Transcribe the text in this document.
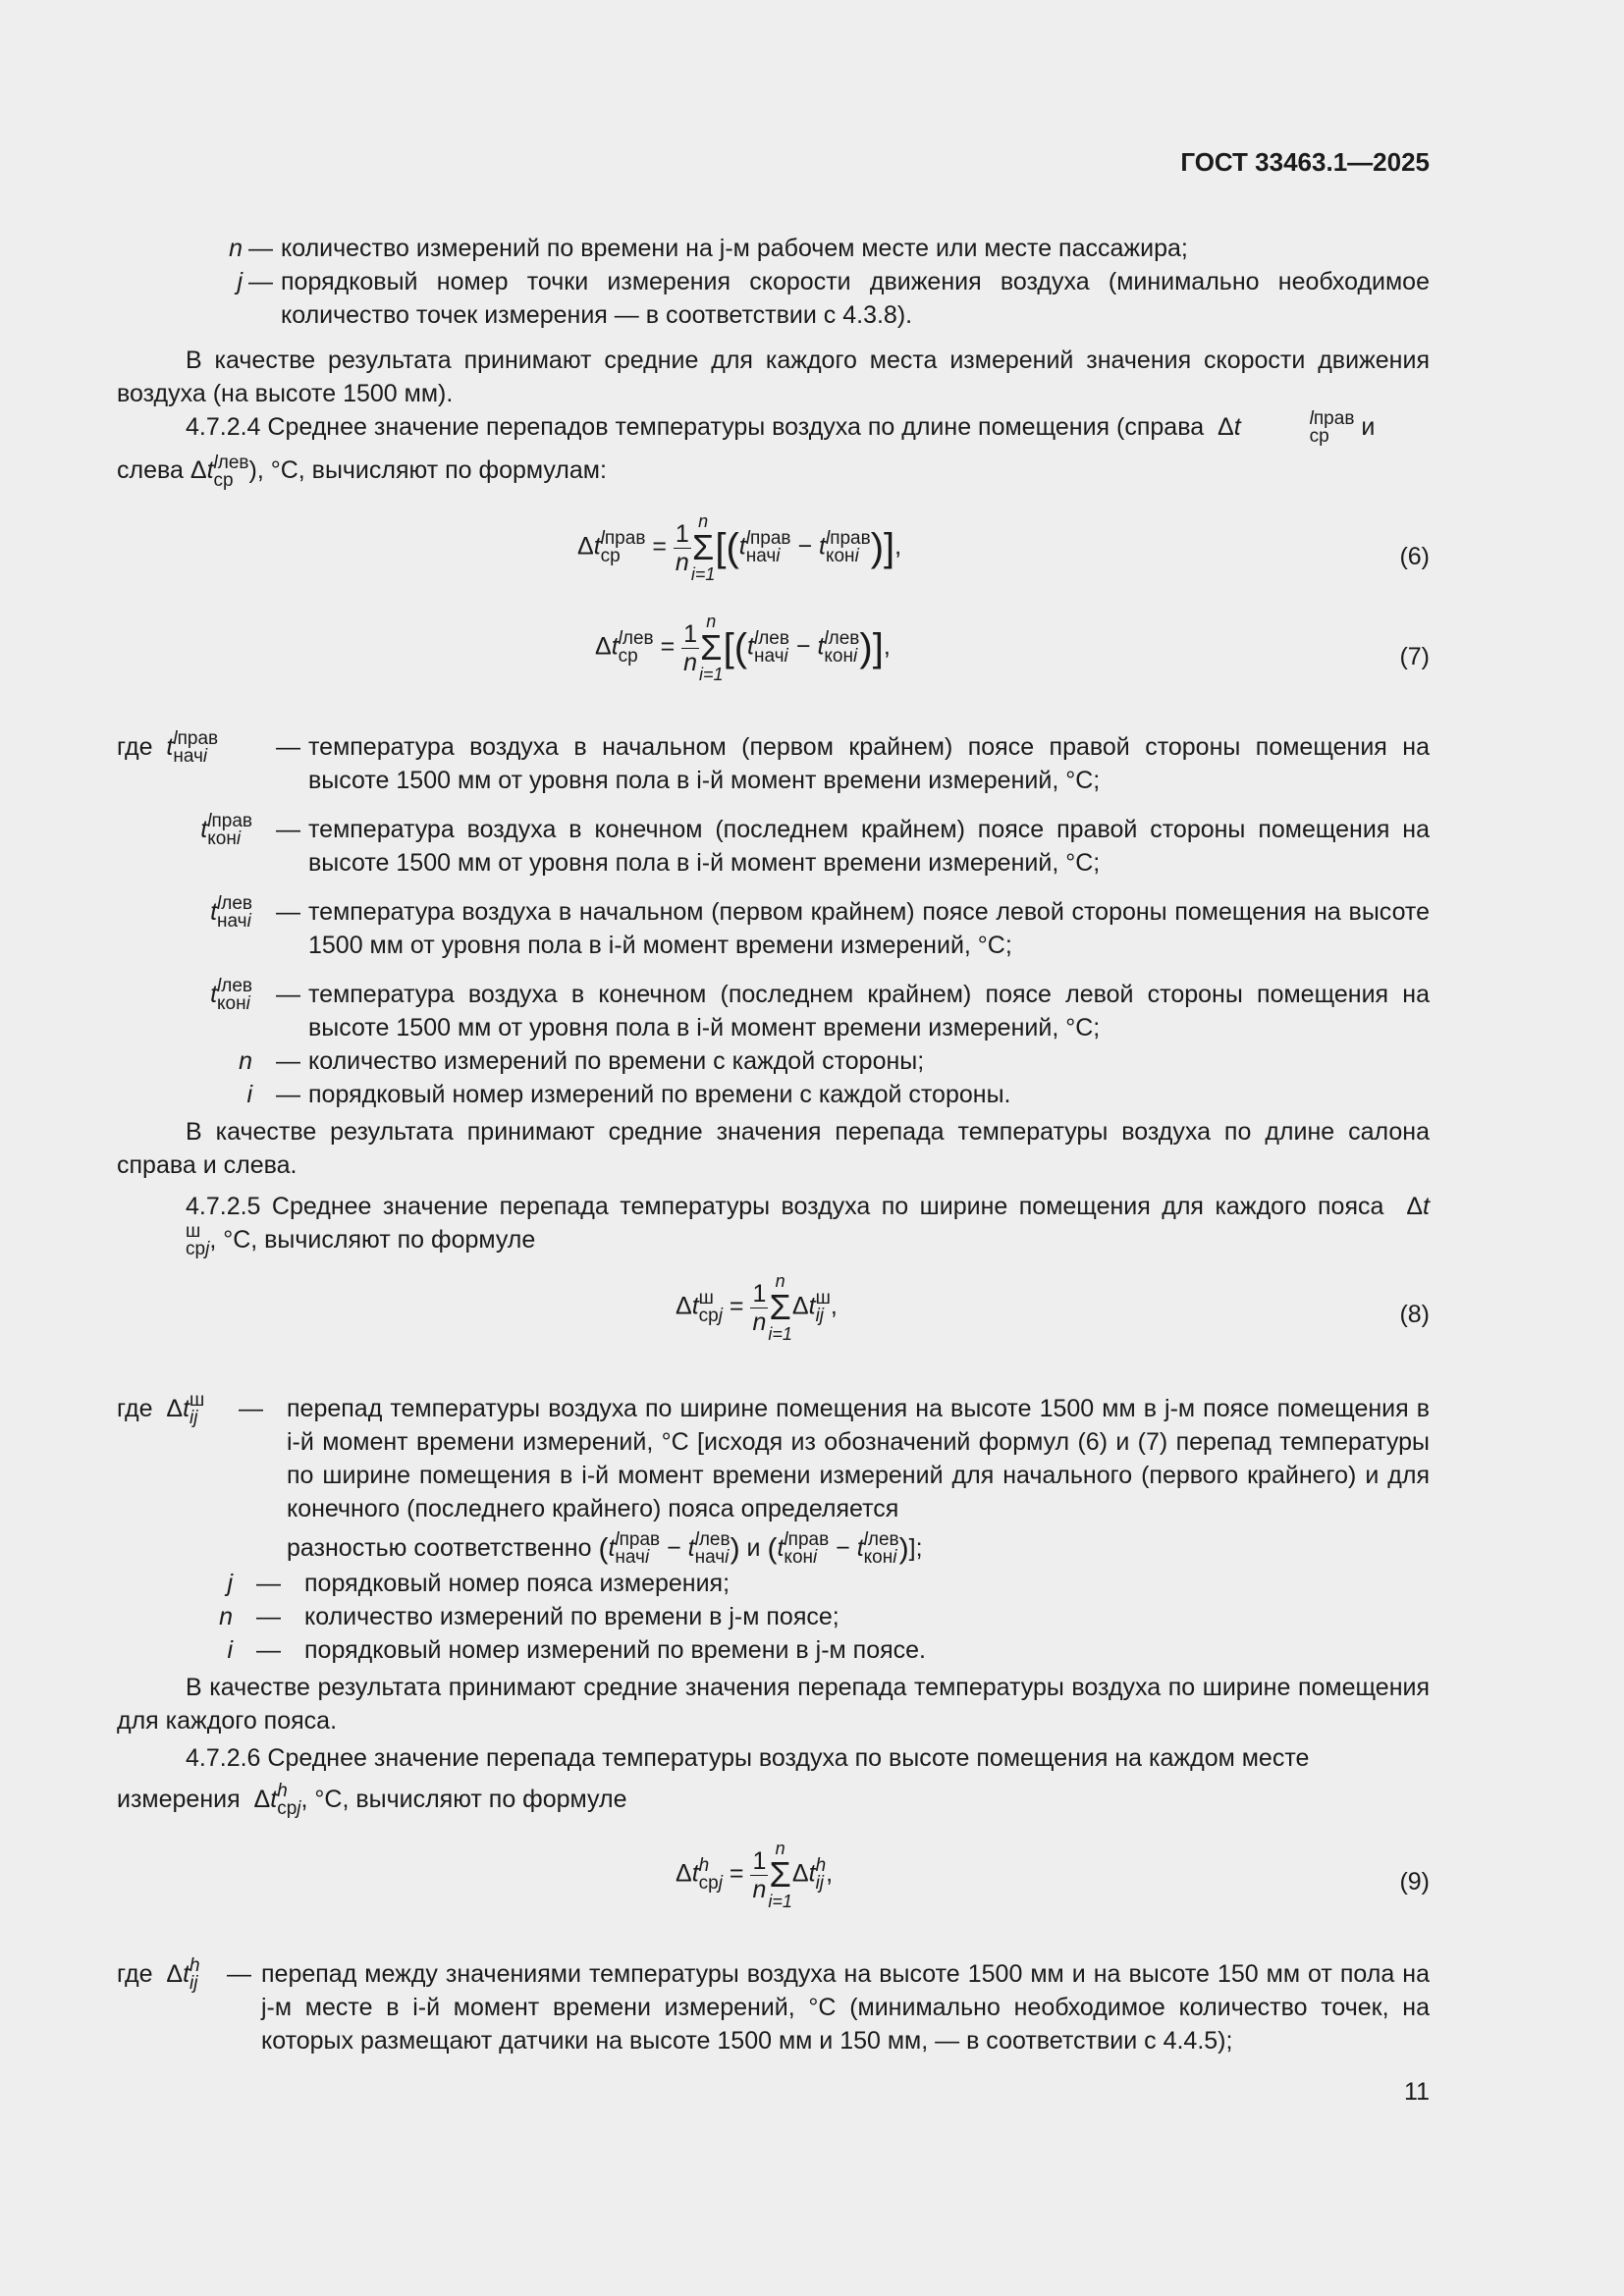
ГОСТ 33463.1—2025
n — количество измерений по времени на j-м рабочем месте или месте пассажира;
j — порядковый номер точки измерения скорости движения воздуха (минимально необходимое количество точек измерения — в соответствии с 4.3.8).

В качестве результата принимают средние для каждого места измерений значения скорости движения воздуха (на высоте 1500 мм).

4.7.2.4 Среднее значение перепадов температуры воздуха по длине помещения (справа  Δt	lправ
ср	и

слева Δt lлев
ср ), °С, вычисляют по формулам:

Δt lправ
ср	= $\frac{1}{n}$ n
Σ
i=1
[(t lправ
начi − t lправ
конi )],	(6)
Δt lлев
ср = $\frac{1}{n}$ n
Σ
i=1
[(t lлев
начi − t lлев
конi )],	(7)
где t lправ
начi	— температура воздуха в начальном (первом крайнем) поясе правой стороны помещения на высоте 1500 мм от уровня пола в i-й момент времени измерений, °С;
t lправ
конi	— температура воздуха в конечном (последнем крайнем) поясе правой стороны помещения на высоте 1500 мм от уровня пола в i-й момент времени измерений, °С;
t lлев
начi	— температура воздуха в начальном (первом крайнем) поясе левой стороны помещения на высоте 1500 мм от уровня пола в i-й момент времени измерений, °С;
t lлев
конi	— температура воздуха в конечном (последнем крайнем) поясе левой стороны помещения на высоте 1500 мм от уровня пола в i-й момент времени измерений, °С;
n — количество измерений по времени с каждой стороны;
i — порядковый номер измерений по времени с каждой стороны.

В качестве результата принимают средние значения перепада температуры воздуха по длине салона справа и слева.

4.7.2.5 Среднее значение перепада температуры воздуха по ширине помещения для каждого пояса  Δt
ш
срj , °С, вычисляют по формуле

Δt ш
срj = $\frac{1}{n}$ n
Σ
i=1
Δt ш
ij ,	(8)
где  Δt ш
ij — перепад температуры воздуха по ширине помещения на высоте 1500 мм в j-м поясе помещения в i-й момент времени измерений, °С [исходя из обозначений формул (6) и (7) перепад температуры по ширине помещения в i-й момент времени измерений для начального (первого крайнего) и для конечного (последнего крайнего) пояса определяется
разностью соответственно (t lправ
начi − t lлев
начi ) и (t lправ
конi − t lлев
конi )];
j — порядковый номер пояса измерения;
n — количество измерений по времени в j-м поясе;
i — порядковый номер измерений по времени в j-м поясе.

В качестве результата принимают средние значения перепада температуры воздуха по ширине помещения для каждого пояса.

4.7.2.6 Среднее значение перепада температуры воздуха по высоте помещения на каждом месте

измерения  Δt h
срj , °С, вычисляют по формуле

Δt h
срj = $\frac{1}{n}$ n
Σ
i=1
Δt h
ij ,	(9)
где  Δt h
ij — перепад между значениями температуры воздуха на высоте 1500 мм и на высоте 150 мм от пола на j-м месте в i-й момент времени измерений, °С (минимально необходимое количество точек, на которых размещают датчики на высоте 1500 мм и 150 мм, — в соответствии с 4.4.5);
11
